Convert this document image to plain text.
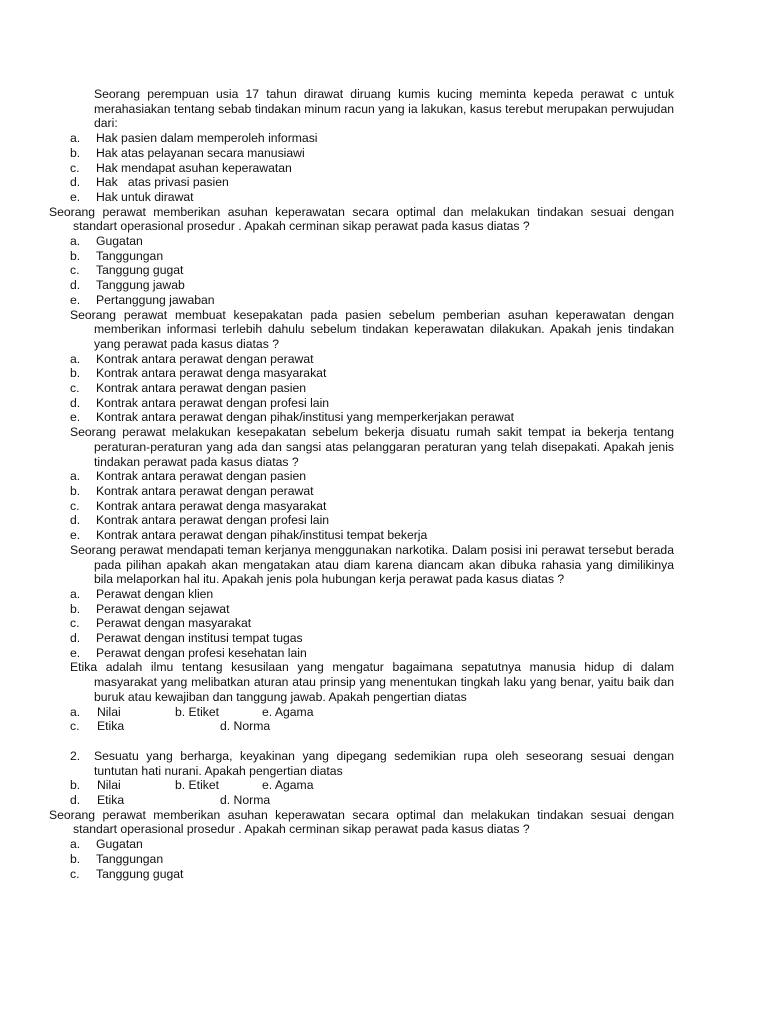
Seorang perempuan usia 17 tahun dirawat diruang kumis kucing meminta kepeda perawat c untuk merahasiakan tentang sebab tindakan minum racun yang ia lakukan, kasus terebut merupakan perwujudan dari:
a.	Hak pasien dalam memperoleh informasi
b.	Hak atas pelayanan secara manusiawi
c.	Hak mendapat asuhan keperawatan
d.	Hak   atas privasi pasien
e.	Hak untuk dirawat
Seorang perawat memberikan asuhan keperawatan secara optimal dan melakukan tindakan sesuai dengan standart operasional prosedur . Apakah cerminan sikap perawat pada kasus diatas ?
a.	Gugatan
b.	Tanggungan
c.	Tanggung gugat
d.	Tanggung jawab
e.	Pertanggung jawaban
Seorang perawat membuat kesepakatan pada pasien sebelum pemberian asuhan keperawatan dengan memberikan informasi terlebih dahulu sebelum tindakan keperawatan dilakukan. Apakah jenis tindakan yang perawat pada kasus diatas ?
a.	Kontrak antara perawat dengan perawat
b.	Kontrak antara perawat denga masyarakat
c.	Kontrak antara perawat dengan pasien
d.	Kontrak antara perawat dengan profesi lain
e.	Kontrak antara perawat dengan pihak/institusi yang memperkerjakan perawat
Seorang perawat melakukan kesepakatan sebelum bekerja disuatu rumah sakit tempat ia bekerja tentang peraturan-peraturan yang ada dan sangsi atas pelanggaran peraturan yang telah disepakati. Apakah jenis tindakan perawat pada kasus diatas ?
a.	Kontrak antara perawat dengan pasien
b.	Kontrak antara perawat dengan perawat
c.	Kontrak antara perawat denga masyarakat
d.	Kontrak antara perawat dengan profesi lain
e.	Kontrak antara perawat dengan pihak/institusi tempat bekerja
Seorang perawat mendapati teman kerjanya menggunakan narkotika. Dalam posisi ini perawat tersebut berada pada pilihan apakah akan mengatakan atau diam karena diancam akan dibuka rahasia yang dimilikinya bila melaporkan hal itu. Apakah jenis pola hubungan kerja perawat pada kasus diatas ?
a.	Perawat dengan klien
b.	Perawat dengan sejawat
c.	Perawat dengan masyarakat
d.	Perawat dengan institusi tempat tugas
e.	Perawat dengan profesi kesehatan lain
Etika adalah ilmu tentang kesusilaan yang mengatur bagaimana sepatutnya manusia hidup di dalam masyarakat yang melibatkan aturan atau prinsip yang menentukan tingkah laku yang benar, yaitu baik dan buruk atau kewajiban dan tanggung jawab. Apakah pengertian diatas
a.	Nilai	b. Etiket	e. Agama
c.	Etika	d. Norma
2. Sesuatu yang berharga, keyakinan yang dipegang sedemikian rupa oleh seseorang sesuai dengan tuntutan hati nurani. Apakah pengertian diatas
b.	Nilai	b. Etiket	e. Agama
d.	Etika	d. Norma
Seorang perawat memberikan asuhan keperawatan secara optimal dan melakukan tindakan sesuai dengan standart operasional prosedur . Apakah cerminan sikap perawat pada kasus diatas ?
a.	Gugatan
b.	Tanggungan
c.	Tanggung gugat
